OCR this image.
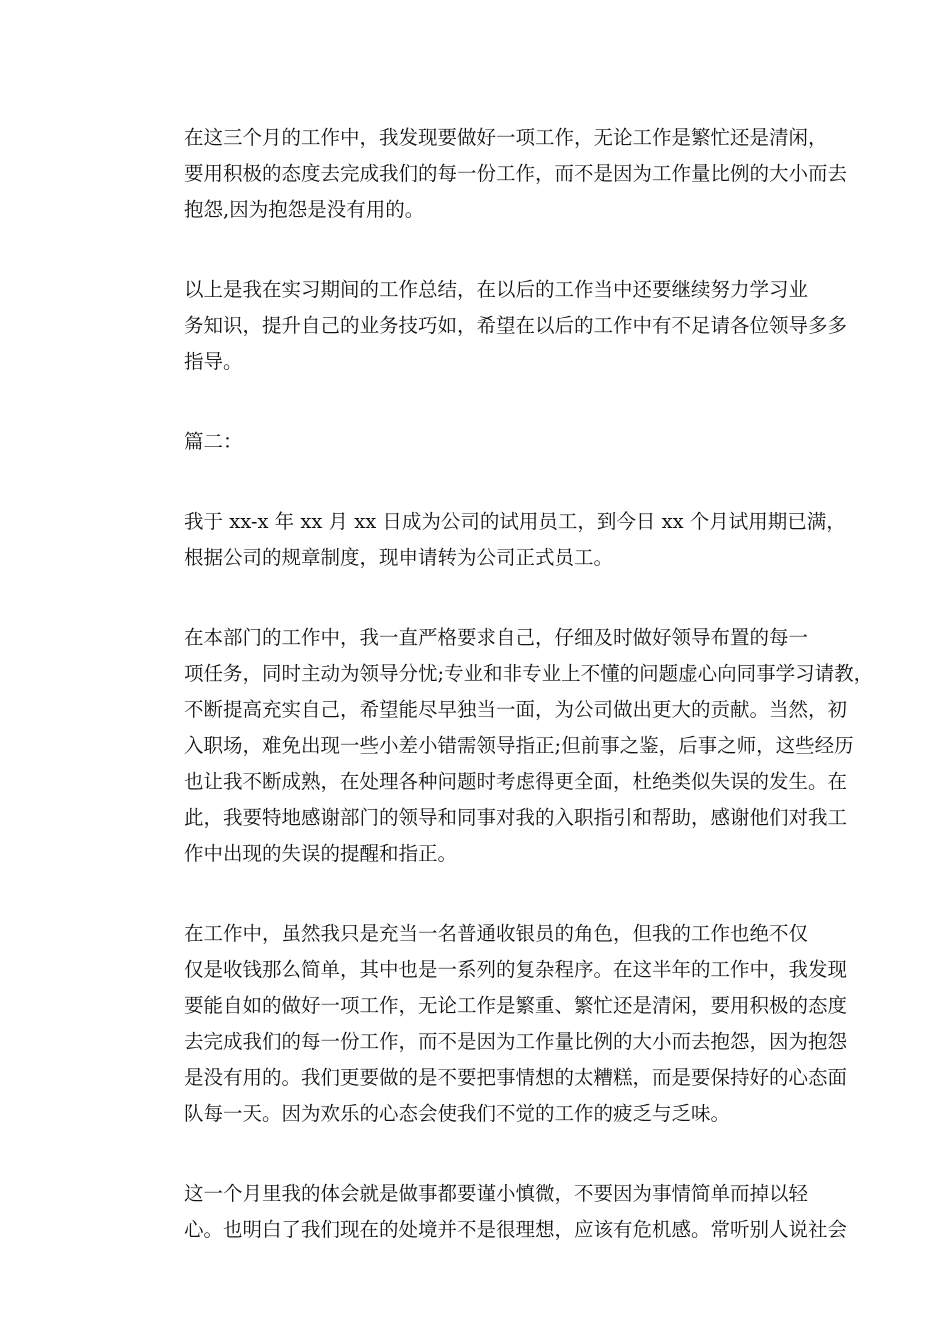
在这三个月的工作中，我发现要做好一项工作，无论工作是繁忙还是清闲，
要用积极的态度去完成我们的每一份工作，而不是因为工作量比例的大小而去
抱怨,因为抱怨是没有用的。

以上是我在实习期间的工作总结，在以后的工作当中还要继续努力学习业
务知识，提升自己的业务技巧如，希望在以后的工作中有不足请各位领导多多
指导。

篇二：

我于 xx-x 年 xx 月 xx 日成为公司的试用员工，到今日 xx 个月试用期已满，
根据公司的规章制度，现申请转为公司正式员工。

在本部门的工作中，我一直严格要求自己，仔细及时做好领导布置的每一
项任务，同时主动为领导分忧;专业和非专业上不懂的问题虚心向同事学习请教，
不断提高充实自己，希望能尽早独当一面，为公司做出更大的贡献。当然，初
入职场，难免出现一些小差小错需领导指正;但前事之鉴，后事之师，这些经历
也让我不断成熟，在处理各种问题时考虑得更全面，杜绝类似失误的发生。在
此，我要特地感谢部门的领导和同事对我的入职指引和帮助，感谢他们对我工
作中出现的失误的提醒和指正。

在工作中，虽然我只是充当一名普通收银员的角色，但我的工作也绝不仅
仅是收钱那么简单，其中也是一系列的复杂程序。在这半年的工作中，我发现
要能自如的做好一项工作，无论工作是繁重、繁忙还是清闲，要用积极的态度
去完成我们的每一份工作，而不是因为工作量比例的大小而去抱怨，因为抱怨
是没有用的。我们更要做的是不要把事情想的太糟糕，而是要保持好的心态面
队每一天。因为欢乐的心态会使我们不觉的工作的疲乏与乏味。

这一个月里我的体会就是做事都要谨小慎微，不要因为事情简单而掉以轻
心。也明白了我们现在的处境并不是很理想，应该有危机感。常听别人说社会
